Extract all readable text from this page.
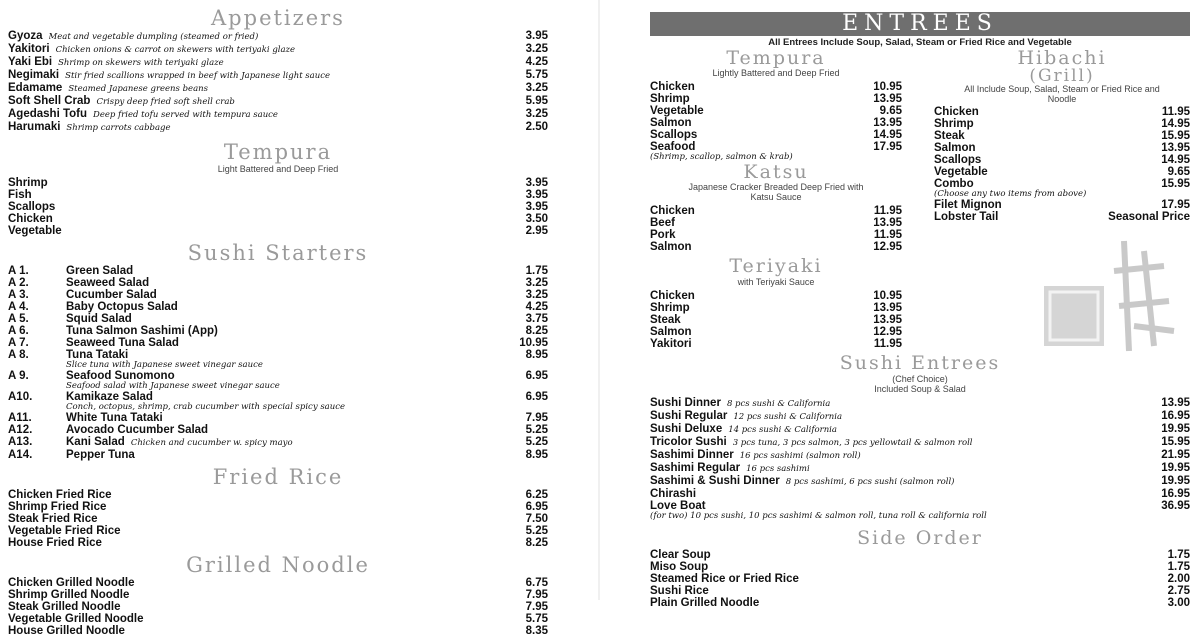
Appetizers
Gyoza Meat and vegetable dumpling (steamed or fried)	3.95
Yakitori Chicken onions & carrot on skewers with teriyaki glaze	3.25
Yaki Ebi Shrimp on skewers with teriyaki glaze	4.25
Negimaki Stir fried scallions wrapped in beef with Japanese light sauce	5.75
Edamame Steamed Japanese greens beans	3.25
Soft Shell Crab Crispy deep fried soft shell crab	5.95
Agedashi Tofu Deep fried tofu served with tempura sauce	3.25
Harumaki Shrimp carrots cabbage	2.50
Tempura
Light Battered and Deep Fried
Shrimp	3.95
Fish	3.95
Scallops	3.95
Chicken	3.50
Vegetable	2.95
Sushi Starters
A 1.	Green Salad	1.75
A 2.	Seaweed Salad	3.25
A 3.	Cucumber Salad	3.25
A 4.	Baby Octopus Salad	4.25
A 5.	Squid Salad	3.75
A 6.	Tuna Salmon Sashimi (App)	8.25
A 7.	Seaweed Tuna Salad	10.95
A 8.	Tuna Tataki	8.95
Slice tuna with Japanese sweet vinegar sauce
A 9.	Seafood Sunomono	6.95
Seafood salad with Japanese sweet vinegar sauce
A10.	Kamikaze Salad	6.95
Conch, octopus, shrimp, crab cucumber with special spicy sauce
A11.	White Tuna Tataki	7.95
A12.	Avocado Cucumber Salad	5.25
A13.	Kani Salad Chicken and cucumber w. spicy mayo	5.25
A14.	Pepper Tuna	8.95
Fried Rice
Chicken Fried Rice	6.25
Shrimp Fried Rice	6.95
Steak Fried Rice	7.50
Vegetable Fried Rice	5.25
House Fried Rice	8.25
Grilled Noodle
Chicken Grilled Noodle	6.75
Shrimp Grilled Noodle	7.95
Steak Grilled Noodle	7.95
Vegetable Grilled Noodle	5.75
House Grilled Noodle	8.35
ENTREES
All Entrees Include Soup, Salad, Steam or Fried Rice and Vegetable
Tempura
Lightly Battered and Deep Fried
Chicken	10.95
Shrimp	13.95
Vegetable	9.65
Salmon	13.95
Scallops	14.95
Seafood	17.95
(Shrimp, scallop, salmon & krab)
Katsu
Japanese Cracker Breaded Deep Fried with Katsu Sauce
Chicken	11.95
Beef	13.95
Pork	11.95
Salmon	12.95
Teriyaki
with Teriyaki Sauce
Chicken	10.95
Shrimp	13.95
Steak	13.95
Salmon	12.95
Yakitori	11.95
Hibachi
(Grill)
All Include Soup, Salad, Steam or Fried Rice and Noodle
Chicken	11.95
Shrimp	14.95
Steak	15.95
Salmon	13.95
Scallops	14.95
Vegetable	9.65
Combo	15.95
(Choose any two items from above)
Filet Mignon	17.95
Lobster Tail	Seasonal Price
Sushi Entrees
(Chef Choice)
Included Soup & Salad
Sushi Dinner 8 pcs sushi & California	13.95
Sushi Regular 12 pcs sushi & California	16.95
Sushi Deluxe 14 pcs sushi & California	19.95
Tricolor Sushi 3 pcs tuna, 3 pcs salmon, 3 pcs yellowtail & salmon roll	15.95
Sashimi Dinner 16 pcs sashimi (salmon roll)	21.95
Sashimi Regular 16 pcs sashimi	19.95
Sashimi & Sushi Dinner 8 pcs sashimi, 6 pcs sushi (salmon roll)	19.95
Chirashi	16.95
Love Boat	36.95
(for two) 10 pcs sushi, 10 pcs sashimi & salmon roll, tuna roll & california roll
Side Order
Clear Soup	1.75
Miso Soup	1.75
Steamed Rice or Fried Rice	2.00
Sushi Rice	2.75
Plain Grilled Noodle	3.00
